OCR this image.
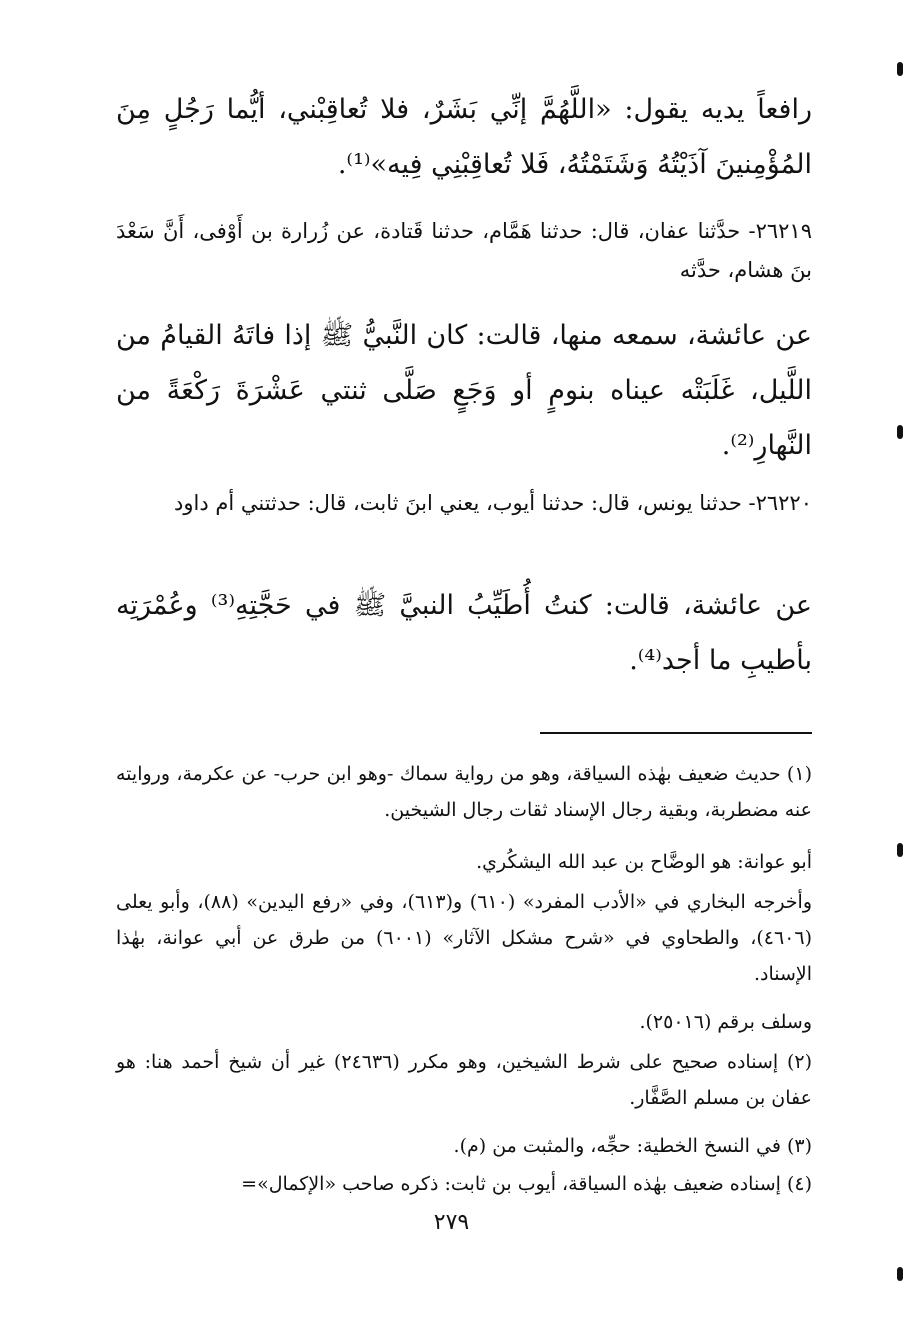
رافعاً يديه يقول: «اللَّهُمَّ إنِّي بَشَرٌ، فلا تُعاقِبْني، أيُّما رَجُلٍ مِنَ المُؤْمِنينَ آذَيْتُهُ وَشَتَمْتُهُ، فَلا تُعاقِبْنِي فِيه»⁽¹⁾.

٢٦٢١٩- حدَّثنا عفان، قال: حدثنا هَمَّام، حدثنا قَتادة، عن زُرارة بن أَوْفى، أَنَّ سَعْدَ بنَ هشام، حدَّثه

عن عائشة، سمعه منها، قالت: كان النَّبيُّ ﷺ إذا فاتَهُ القيامُ من اللَّيل، غَلَبَتْه عيناه بنومٍ أو وَجَعٍ صَلَّى ثنتي عَشْرَةَ رَكْعَةً من النَّهارِ⁽²⁾.

٢٦٢٢٠- حدثنا يونس، قال: حدثنا أيوب، يعني ابنَ ثابت، قال: حدثتني أم داود

عن عائشة، قالت: كنتُ أُطَيِّبُ النبيَّ ﷺ في حَجَّتِهِ⁽³⁾ وعُمْرَتِه بأطيبِ ما أجد⁽⁴⁾.

(١) حديث ضعيف بهٰذه السياقة، وهو من رواية سماك -وهو ابن حرب- عن عكرمة، وروايته عنه مضطربة، وبقية رجال الإسناد ثقات رجال الشيخين.

أبو عوانة: هو الوضَّاح بن عبد الله اليشكُري.

وأخرجه البخاري في «الأدب المفرد» (٦١٠) و(٦١٣)، وفي «رفع اليدين» (٨٨)، وأبو يعلى (٤٦٠٦)، والطحاوي في «شرح مشكل الآثار» (٦٠٠١) من طرق عن أبي عوانة، بهٰذا الإسناد.

وسلف برقم (٢٥٠١٦).

(٢) إسناده صحيح على شرط الشيخين، وهو مكرر (٢٤٦٣٦) غير أن شيخ أحمد هنا: هو عفان بن مسلم الصَّفَّار.

(٣) في النسخ الخطية: حجِّه، والمثبت من (م).

(٤) إسناده ضعيف بهٰذه السياقة، أيوب بن ثابت: ذكره صاحب «الإكمال»=

٢٧٩
